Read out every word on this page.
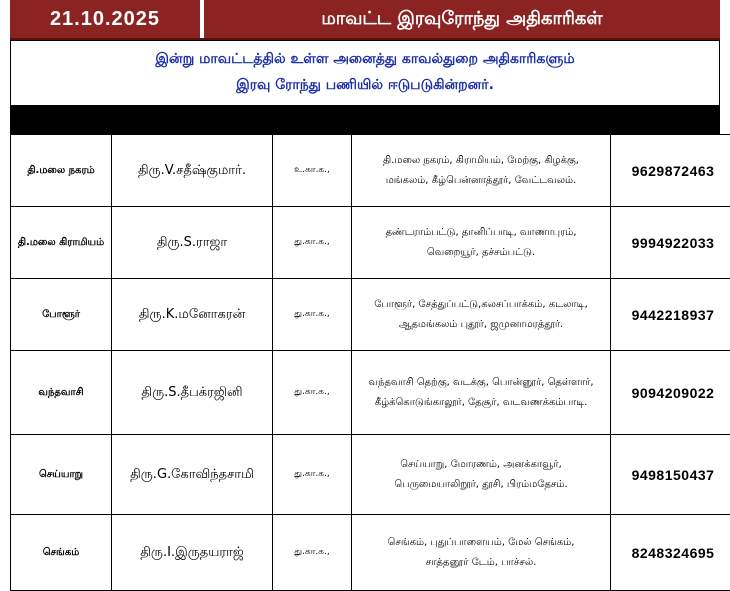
21.10.2025	மாவட்ட இரவுரோந்து அதிகாரிகள்
இன்று மாவட்டத்தில் உள்ள அனைத்து காவல்துறை அதிகாரிகளும்
இரவு ரோந்து பணியில் ஈடுபடுகின்றனர்.
தி.மலை நகரம்	திரு.V.சதீஷ்குமார்.	உ.கா.க.,	தி.மலை நகரம், கிராமியம், மேற்கு, கிழக்கு,
மங்கலம், கீழ்பென்னாத்தூர், வேட்டவலம்.	9629872463
தி.மலை கிராமியம்	திரு.S.ராஜா	து.கா.க.,	தண்டராம்பட்டு, தானிப்பாடி, வாணாபுரம்,
வெறையூர், தச்சம்பட்டு.	9994922033
போளூர்	திரு.K.மனோகரன்	து.கா.க.,	போளூர், சேத்துப்பட்டு,கலசப்பாக்கம், கடலாடி,
ஆதமங்கலம் புதூர், ஜமுனாமரத்தூர்.	9442218937
வந்தவாசி	திரு.S.தீபக்ரஜினி	து.கா.க.,	வந்தவாசி தெற்கு, வடக்கு, பொன்னூர், தெள்ளார்,
கீழ்க்கொடுங்காலூர், தேசூர், வடவணக்கம்பாடி.	9094209022
செய்யாறு	திரு.G.கோவிந்தசாமி	து.கா.க.,	செய்யாறு, மோரணம், அனக்காவூர்,
பெருமையாலிறூர், தூசி, பிரம்மதேசம்.	9498150437
செங்கம்	திரு.I.இருதயராஜ்	து.கா.க.,	செங்கம், புதுப்பாளையம், மேல் செங்கம்,
சாத்தனூர் டேம், பாச்சல்.	8248324695
